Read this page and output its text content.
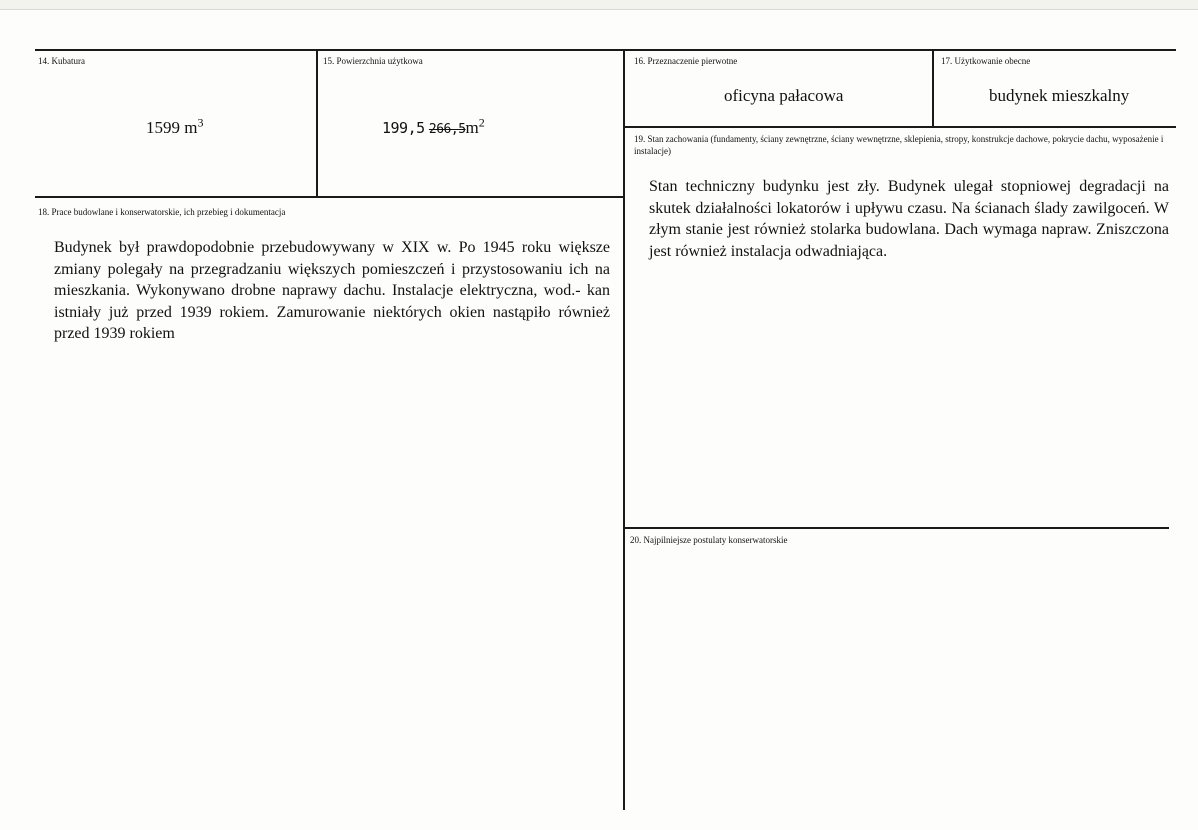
14. Kubatura
1599 $m^3$
15. Powierzchnia użytkowa
199,5 $266,5m^2$
16. Przeznaczenie pierwotne
oficyna pałacowa
17. Użytkowanie obecne
budynek mieszkalny
18. Prace budowlane i konserwatorskie, ich przebieg i dokumentacja
Budynek był prawdopodobnie przebudowywany w XIX w. Po 1945 roku większe zmiany polegały na przegradzaniu większych pomieszczeń i przystosowaniu ich na mieszkania. Wykonywano drobne naprawy dachu. Instalacje elektryczna, wod.- kan istniały już przed 1939 rokiem. Zamurowanie niektórych okien nastąpiło również przed 1939 rokiem
19. Stan zachowania (fundamenty, ściany zewnętrzne, ściany wewnętrzne, sklepienia, stropy, konstrukcje dachowe, pokrycie dachu, wyposażenie i instalacje)
Stan techniczny budynku jest zły. Budynek ulegał stopniowej degradacji na skutek działalności lokatorów i upływu czasu. Na ścianach ślady zawilgoceń. W złym stanie jest również stolarka budowlana. Dach wymaga napraw. Zniszczona jest również instalacja odwadniająca.
20. Najpilniejsze postulaty konserwatorskie
